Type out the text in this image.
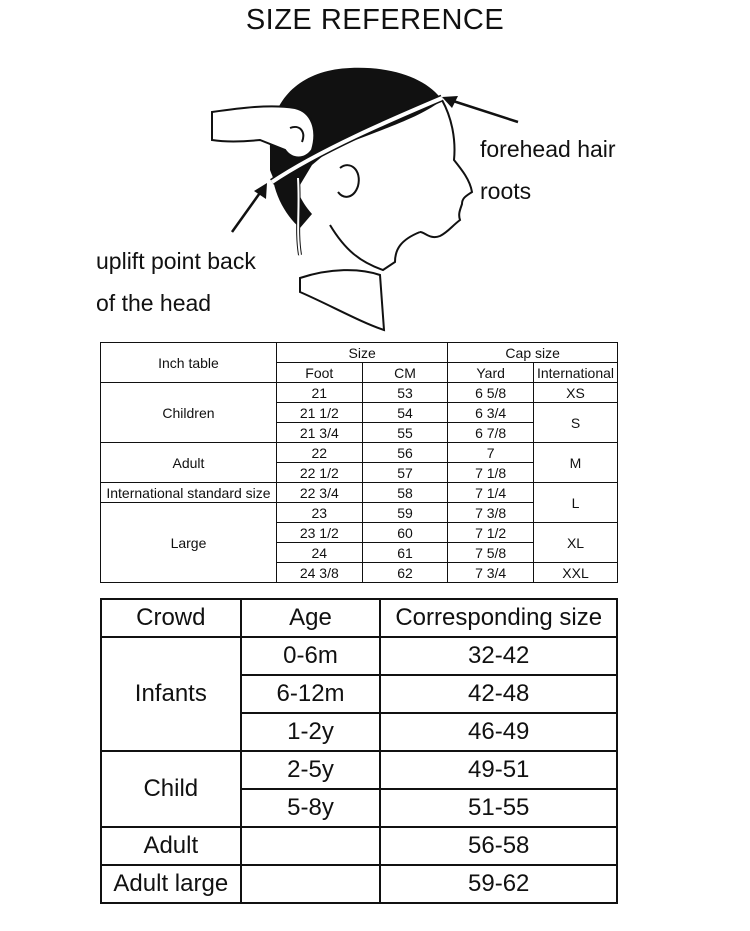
SIZE REFERENCE
forehead hair
roots
uplift point back
of the head
Inch table	Size		Cap size	
	Foot	CM	Yard	International
Children	21	53	6 5/8	XS
	21 1/2	54	6 3/4	S
	21 3/4	55	6 7/8	
Adult	22	56	7	M
	22 1/2	57	7 1/8	
International standard size	22 3/4	58	7 1/4	L
Large	23	59	7 3/8	
	23 1/2	60	7 1/2	XL
	24	61	7 5/8	
	24 3/8	62	7 3/4	XXL
Crowd	Age	Corresponding size
Infants	0-6m	32-42
	6-12m	42-48
	1-2y	46-49
Child	2-5y	49-51
	5-8y	51-55
Adult		56-58
Adult large		59-62
